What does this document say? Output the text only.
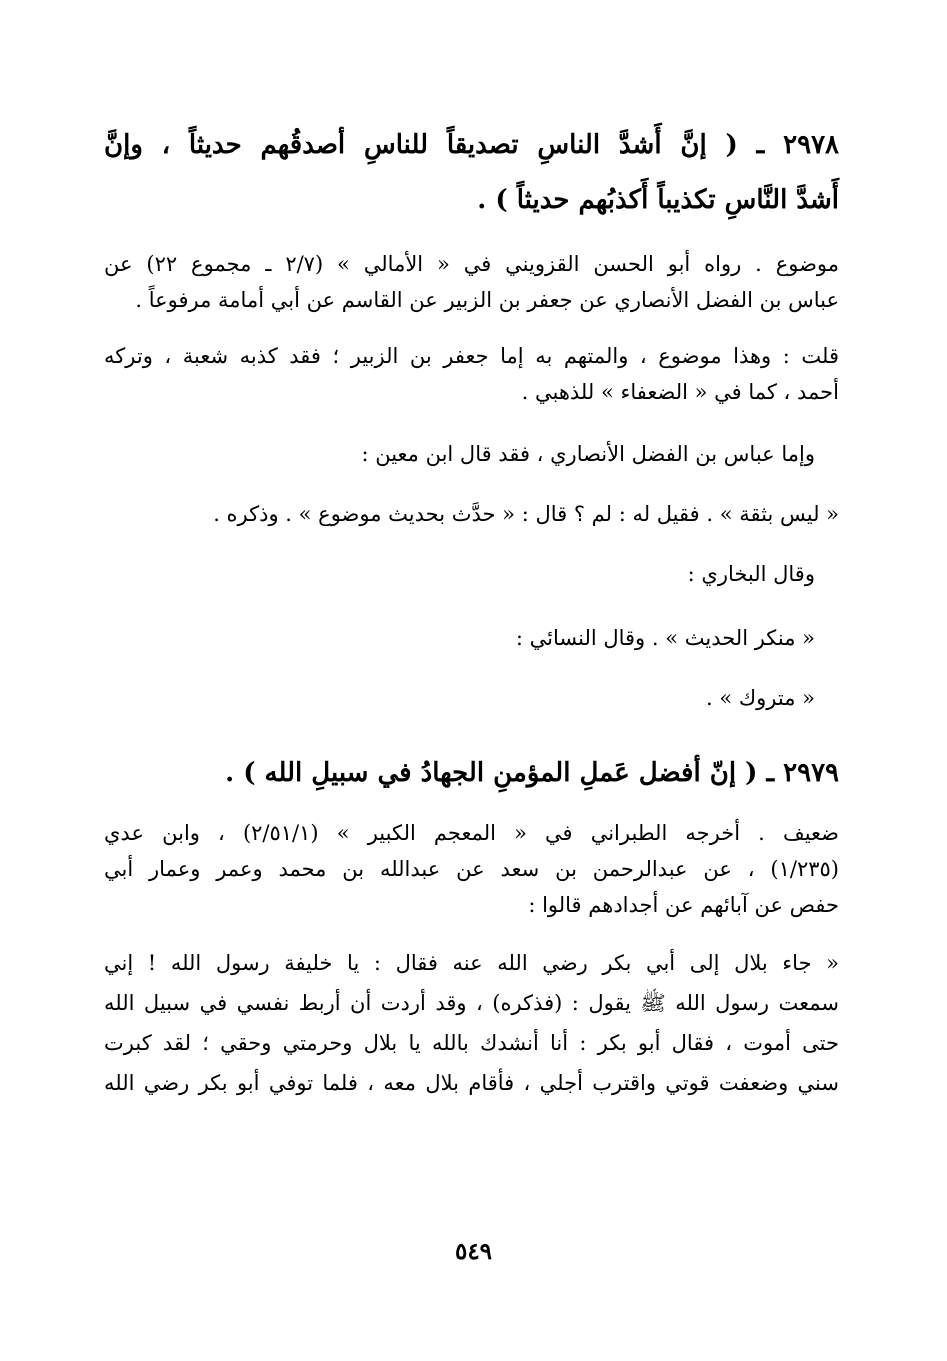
٢٩٧٨ ـ ( إنَّ أَشدَّ الناسِ تصديقاً للناسِ أصدقُهم حديثاً ، وإنَّ
أَشدَّ النَّاسِ تكذيباً أَكذبُهم حديثاً ) .
موضوع . رواه أبو الحسن القزويني في « الأمالي » (٢/٧ ـ مجموع ٢٢) عن
عباس بن الفضل الأنصاري عن جعفر بن الزبير عن القاسم عن أبي أمامة مرفوعاً .
قلت : وهذا موضوع ، والمتهم به إما جعفر بن الزبير ؛ فقد كذبه شعبة ، وتركه
أحمد ، كما في « الضعفاء » للذهبي .
وإما عباس بن الفضل الأنصاري ، فقد قال ابن معين :
« ليس بثقة » . فقيل له : لم ؟ قال : « حدَّث بحديث موضوع » . وذكره .
وقال البخاري :
« منكر الحديث » . وقال النسائي :
« متروك » .
٢٩٧٩ ـ ( إنّ أفضل عَملِ المؤمنِ الجهادُ في سبيلِ الله ) .
ضعيف . أخرجه الطبراني في « المعجم الكبير » (٢/٥١/١) ، وابن عدي
(١/٢٣٥) ، عن عبدالرحمن بن سعد عن عبدالله بن محمد وعمر وعمار أبي
حفص عن آبائهم عن أجدادهم قالوا :
« جاء بلال إلى أبي بكر رضي الله عنه فقال : يا خليفة رسول الله ! إني
سمعت رسول الله ﷺ يقول : (فذكره) ، وقد أردت أن أربط نفسي في سبيل الله
حتى أموت ، فقال أبو بكر : أنا أنشدك بالله يا بلال وحرمتي وحقي ؛ لقد كبرت
سني وضعفت قوتي واقترب أجلي ، فأقام بلال معه ، فلما توفي أبو بكر رضي الله
٥٤٩
